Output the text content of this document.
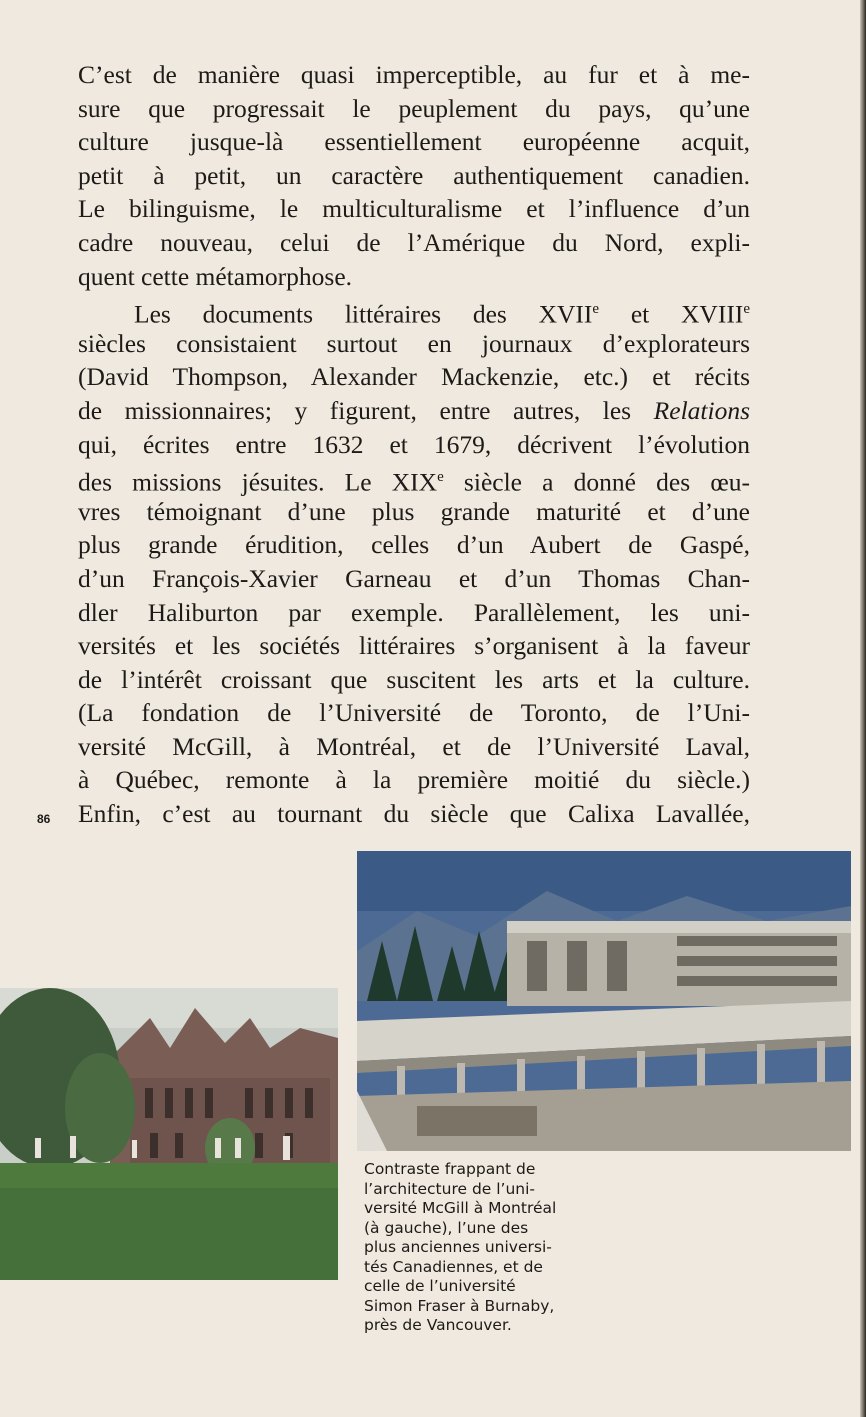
C’est de manière quasi imperceptible, au fur et à me-
sure que progressait le peuplement du pays, qu’une
culture jusque-là essentiellement européenne acquit,
petit à petit, un caractère authentiquement canadien.
Le bilinguisme, le multiculturalisme et l’influence d’un
cadre nouveau, celui de l’Amérique du Nord, expli-
quent cette métamorphose.
Les documents littéraires des XVIIe et XVIIIe
siècles consistaient surtout en journaux d’explorateurs
(David Thompson, Alexander Mackenzie, etc.) et récits
de missionnaires; y figurent, entre autres, les Relations
qui, écrites entre 1632 et 1679, décrivent l’évolution
des missions jésuites. Le XIXe siècle a donné des œu-
vres témoignant d’une plus grande maturité et d’une
plus grande érudition, celles d’un Aubert de Gaspé,
d’un François-Xavier Garneau et d’un Thomas Chan-
dler Haliburton par exemple. Parallèlement, les uni-
versités et les sociétés littéraires s’organisent à la faveur
de l’intérêt croissant que suscitent les arts et la culture.
(La fondation de l’Université de Toronto, de l’Uni-
versité McGill, à Montréal, et de l’Université Laval,
à Québec, remonte à la première moitié du siècle.)
Enfin, c’est au tournant du siècle que Calixa Lavallée,
86
Contraste frappant de
l’architecture de l’uni-
versité McGill à Montréal
(à gauche), l’une des
plus anciennes universi-
tés Canadiennes, et de
celle de l’université
Simon Fraser à Burnaby,
près de Vancouver.
